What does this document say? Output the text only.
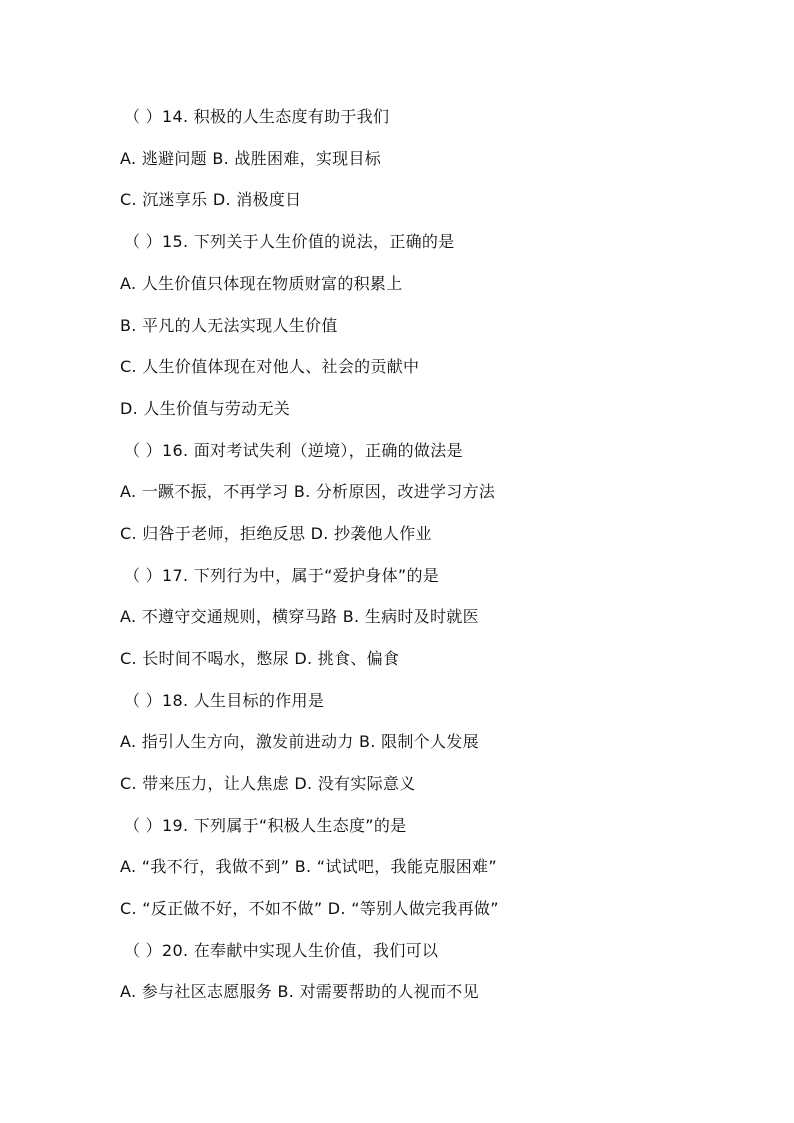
（ ）14. 积极的人生态度有助于我们
A. 逃避问题 B. 战胜困难，实现目标
C. 沉迷享乐 D. 消极度日
（ ）15. 下列关于人生价值的说法，正确的是
A. 人生价值只体现在物质财富的积累上
B. 平凡的人无法实现人生价值
C. 人生价值体现在对他人、社会的贡献中
D. 人生价值与劳动无关
（ ）16. 面对考试失利（逆境），正确的做法是
A. 一蹶不振，不再学习 B. 分析原因，改进学习方法
C. 归咎于老师，拒绝反思 D. 抄袭他人作业
（ ）17. 下列行为中，属于“爱护身体”的是
A. 不遵守交通规则，横穿马路 B. 生病时及时就医
C. 长时间不喝水，憋尿 D. 挑食、偏食
（ ）18. 人生目标的作用是
A. 指引人生方向，激发前进动力 B. 限制个人发展
C. 带来压力，让人焦虑 D. 没有实际意义
（ ）19. 下列属于“积极人生态度”的是
A. “我不行，我做不到” B. “试试吧，我能克服困难”
C. “反正做不好，不如不做” D. “等别人做完我再做”
（ ）20. 在奉献中实现人生价值，我们可以
A. 参与社区志愿服务 B. 对需要帮助的人视而不见
